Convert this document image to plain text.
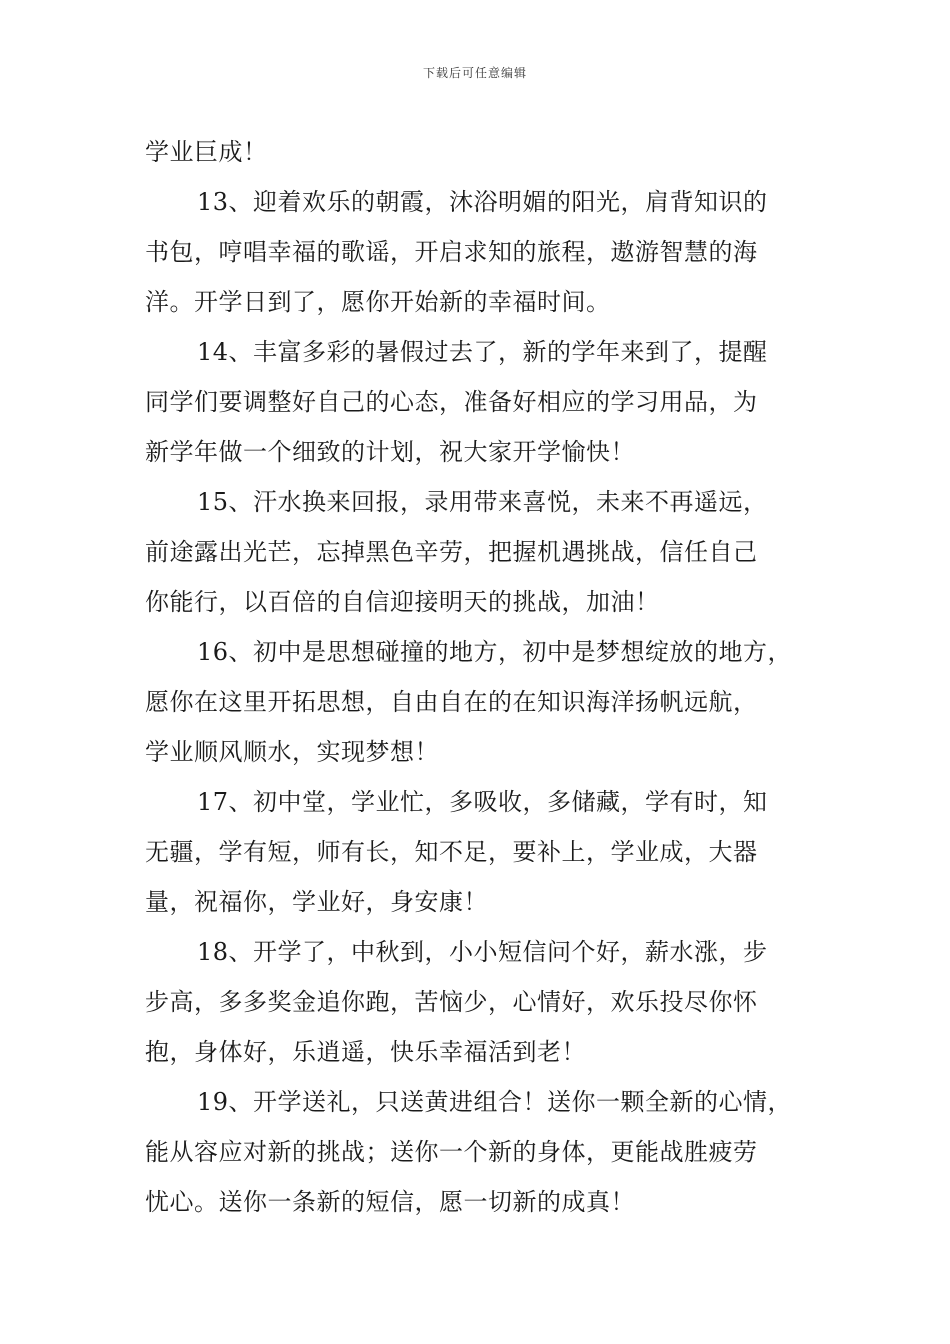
下载后可任意编辑

学业巨成！

13、迎着欢乐的朝霞，沐浴明媚的阳光，肩背知识的
书包，哼唱幸福的歌谣，开启求知的旅程，遨游智慧的海
洋。开学日到了，愿你开始新的幸福时间。

14、丰富多彩的暑假过去了，新的学年来到了，提醒
同学们要调整好自己的心态，准备好相应的学习用品，为
新学年做一个细致的计划，祝大家开学愉快！

15、汗水换来回报，录用带来喜悦，未来不再遥远，
前途露出光芒，忘掉黑色辛劳，把握机遇挑战，信任自己
你能行，以百倍的自信迎接明天的挑战，加油！

16、初中是思想碰撞的地方，初中是梦想绽放的地方，
愿你在这里开拓思想，自由自在的在知识海洋扬帆远航，
学业顺风顺水，实现梦想！

17、初中堂，学业忙，多吸收，多储藏，学有时，知
无疆，学有短，师有长，知不足，要补上，学业成，大器
量，祝福你，学业好，身安康！

18、开学了，中秋到，小小短信问个好，薪水涨，步
步高，多多奖金追你跑，苦恼少，心情好，欢乐投尽你怀
抱，身体好，乐逍遥，快乐幸福活到老！

19、开学送礼，只送黄进组合！送你一颗全新的心情，
能从容应对新的挑战；送你一个新的身体，更能战胜疲劳
忧心。送你一条新的短信，愿一切新的成真！
